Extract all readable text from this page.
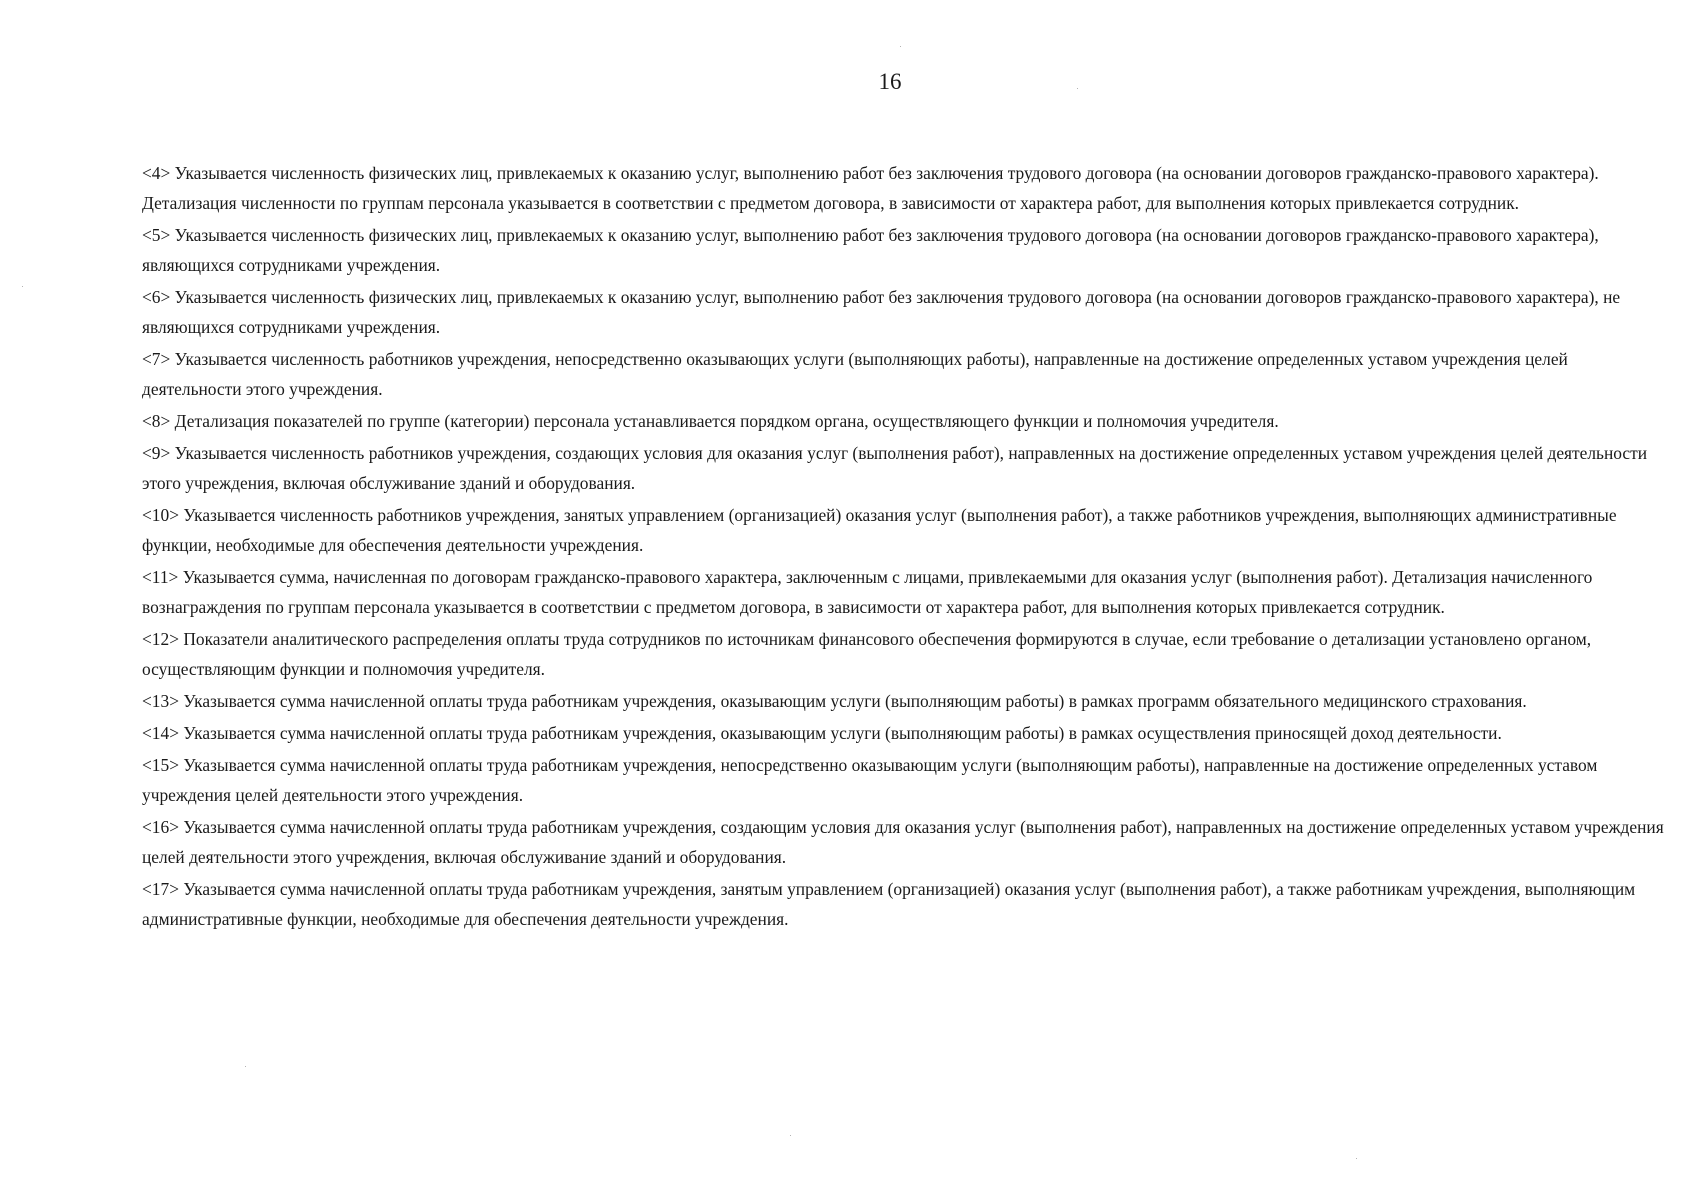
16

<4> Указывается численность физических лиц, привлекаемых к оказанию услуг, выполнению работ без заключения трудового договора (на основании договоров гражданско-правового характера). Детализация численности по группам персонала указывается в соответствии с предметом договора, в зависимости от характера работ, для выполнения которых привлекается сотрудник.

<5> Указывается численность физических лиц, привлекаемых к оказанию услуг, выполнению работ без заключения трудового договора (на основании договоров гражданско-правового характера), являющихся сотрудниками учреждения.

<6> Указывается численность физических лиц, привлекаемых к оказанию услуг, выполнению работ без заключения трудового договора (на основании договоров гражданско-правового характера), не являющихся сотрудниками учреждения.

<7> Указывается численность работников учреждения, непосредственно оказывающих услуги (выполняющих работы), направленные на достижение определенных уставом учреждения целей деятельности этого учреждения.

<8> Детализация показателей по группе (категории) персонала устанавливается порядком органа, осуществляющего функции и полномочия учредителя.

<9> Указывается численность работников учреждения, создающих условия для оказания услуг (выполнения работ), направленных на достижение определенных уставом учреждения целей деятельности этого учреждения, включая обслуживание зданий и оборудования.

<10> Указывается численность работников учреждения, занятых управлением (организацией) оказания услуг (выполнения работ), а также работников учреждения, выполняющих административные функции, необходимые для обеспечения деятельности учреждения.

<11> Указывается сумма, начисленная по договорам гражданско-правового характера, заключенным с лицами, привлекаемыми для оказания услуг (выполнения работ). Детализация начисленного вознаграждения по группам персонала указывается в соответствии с предметом договора, в зависимости от характера работ, для выполнения которых привлекается сотрудник.

<12> Показатели аналитического распределения оплаты труда сотрудников по источникам финансового обеспечения формируются в случае, если требование о детализации установлено органом, осуществляющим функции и полномочия учредителя.

<13> Указывается сумма начисленной оплаты труда работникам учреждения, оказывающим услуги (выполняющим работы) в рамках программ обязательного медицинского страхования.

<14> Указывается сумма начисленной оплаты труда работникам учреждения, оказывающим услуги (выполняющим работы) в рамках осуществления приносящей доход деятельности.

<15> Указывается сумма начисленной оплаты труда работникам учреждения, непосредственно оказывающим услуги (выполняющим работы), направленные на достижение определенных уставом учреждения целей деятельности этого учреждения.

<16> Указывается сумма начисленной оплаты труда работникам учреждения, создающим условия для оказания услуг (выполнения работ), направленных на достижение определенных уставом учреждения целей деятельности этого учреждения, включая обслуживание зданий и оборудования.

<17> Указывается сумма начисленной оплаты труда работникам учреждения, занятым управлением (организацией) оказания услуг (выполнения работ), а также работникам учреждения, выполняющим административные функции, необходимые для обеспечения деятельности учреждения.
